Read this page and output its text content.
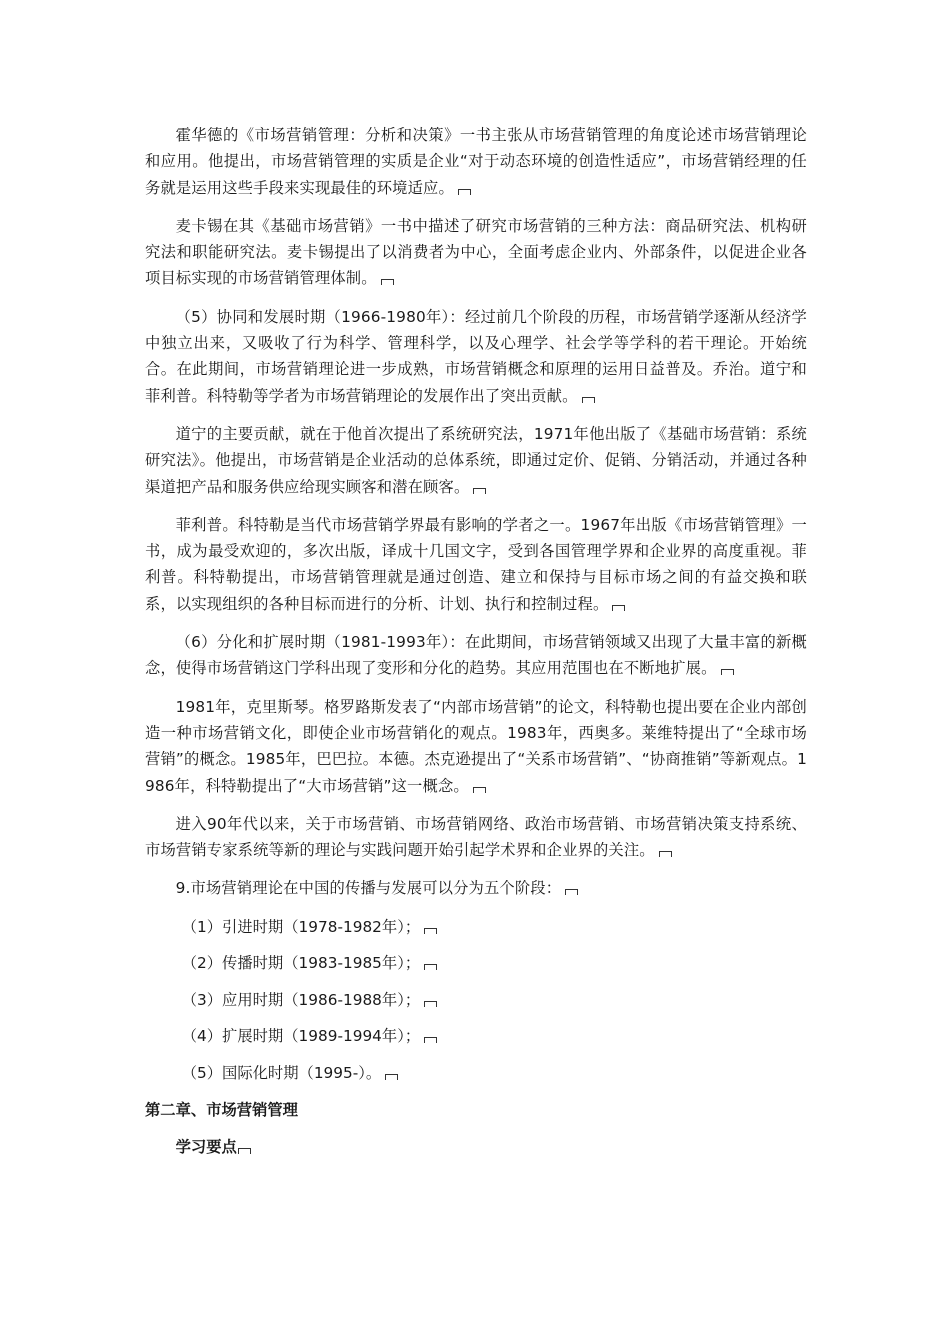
霍华德的《市场营销管理：分析和决策》一书主张从市场营销管理的角度论述市场营销理论和应用。他提出，市场营销管理的实质是企业“对于动态环境的创造性适应”，市场营销经理的任务就是运用这些手段来实现最佳的环境适应。

麦卡锡在其《基础市场营销》一书中描述了研究市场营销的三种方法：商品研究法、机构研究法和职能研究法。麦卡锡提出了以消费者为中心，全面考虑企业内、外部条件，以促进企业各项目标实现的市场营销管理体制。

（5）协同和发展时期（1966-1980年）：经过前几个阶段的历程，市场营销学逐渐从经济学中独立出来，又吸收了行为科学、管理科学，以及心理学、社会学等学科的若干理论。开始统合。在此期间，市场营销理论进一步成熟，市场营销概念和原理的运用日益普及。乔治。道宁和菲利普。科特勒等学者为市场营销理论的发展作出了突出贡献。

道宁的主要贡献，就在于他首次提出了系统研究法，1971年他出版了《基础市场营销：系统研究法》。他提出，市场营销是企业活动的总体系统，即通过定价、促销、分销活动，并通过各种渠道把产品和服务供应给现实顾客和潜在顾客。

菲利普。科特勒是当代市场营销学界最有影响的学者之一。1967年出版《市场营销管理》一书，成为最受欢迎的，多次出版，译成十几国文字，受到各国管理学界和企业界的高度重视。菲利普。科特勒提出，市场营销管理就是通过创造、建立和保持与目标市场之间的有益交换和联系，以实现组织的各种目标而进行的分析、计划、执行和控制过程。

（6）分化和扩展时期（1981-1993年）：在此期间，市场营销领域又出现了大量丰富的新概念，使得市场营销这门学科出现了变形和分化的趋势。其应用范围也在不断地扩展。

1981年，克里斯琴。格罗路斯发表了“内部市场营销”的论文，科特勒也提出要在企业内部创造一种市场营销文化，即使企业市场营销化的观点。1983年，西奥多。莱维特提出了“全球市场营销”的概念。1985年，巴巴拉。本德。杰克逊提出了“关系市场营销”、“协商推销”等新观点。1986年，科特勒提出了“大市场营销”这一概念。

进入90年代以来，关于市场营销、市场营销网络、政治市场营销、市场营销决策支持系统、市场营销专家系统等新的理论与实践问题开始引起学术界和企业界的关注。

9.市场营销理论在中国的传播与发展可以分为五个阶段：

（1）引进时期（1978-1982年）；

（2）传播时期（1983-1985年）；

（3）应用时期（1986-1988年）；

（4）扩展时期（1989-1994年）；

（5）国际化时期（1995-）。

第二章、市场营销管理

学习要点
